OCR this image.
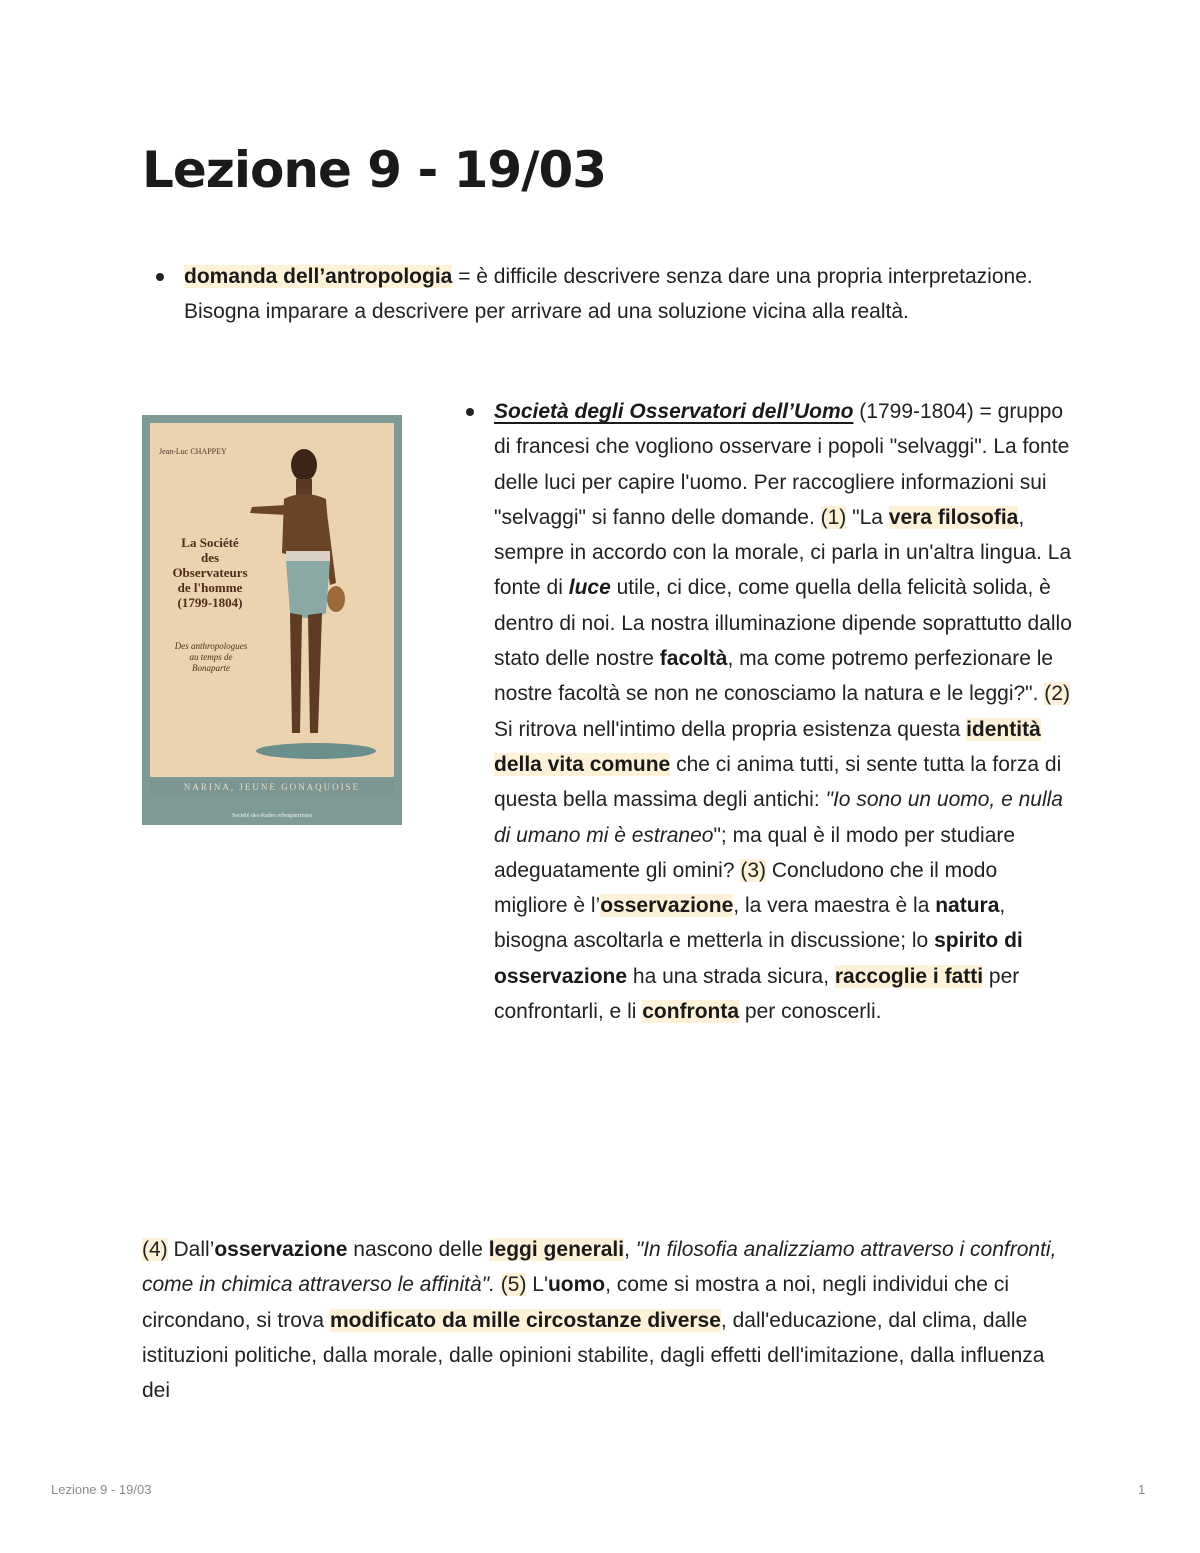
Lezione 9 - 19/03
domanda dell’antropologia = è difficile descrivere senza dare una propria interpretazione. Bisogna imparare a descrivere per arrivare ad una soluzione vicina alla realtà.
Jean-Luc CHAPPEY
La Société
des
Observateurs
de l'homme
(1799-1804)
Des anthropologues
au temps de
Bonaparte
NARINA, JEUNE GONAQUOISE
Société des études robespierristes
Società degli Osservatori dell’Uomo (1799-1804) = gruppo di francesi che vogliono osservare i popoli "selvaggi". La fonte delle luci per capire l'uomo. Per raccogliere informazioni sui "selvaggi" si fanno delle domande. (1) "La vera filosofia, sempre in accordo con la morale, ci parla in un'altra lingua. La fonte di luce utile, ci dice, come quella della felicità solida, è dentro di noi. La nostra illuminazione dipende soprattutto dallo stato delle nostre facoltà, ma come potremo perfezionare le nostre facoltà se non ne conosciamo la natura e le leggi?". (2) Si ritrova nell'intimo della propria esistenza questa identità della vita comune che ci anima tutti, si sente tutta la forza di questa bella massima degli antichi: "Io sono un uomo, e nulla di umano mi è estraneo"; ma qual è il modo per studiare adeguatamente gli omini? (3) Concludono che il modo migliore è l’osservazione, la vera maestra è la natura, bisogna ascoltarla e metterla in discussione; lo spirito di osservazione ha una strada sicura, raccoglie i fatti per confrontarli, e li confronta per conoscerli.

(4) Dall’osservazione nascono delle leggi generali, "In filosofia analizziamo attraverso i confronti, come in chimica attraverso le affinità". (5) L'uomo, come si mostra a noi, negli individui che ci circondano, si trova modificato da mille circostanze diverse, dall'educazione, dal clima, dalle istituzioni politiche, dalla morale, dalle opinioni stabilite, dagli effetti dell'imitazione, dalla influenza dei

Lezione 9 - 19/03	1
